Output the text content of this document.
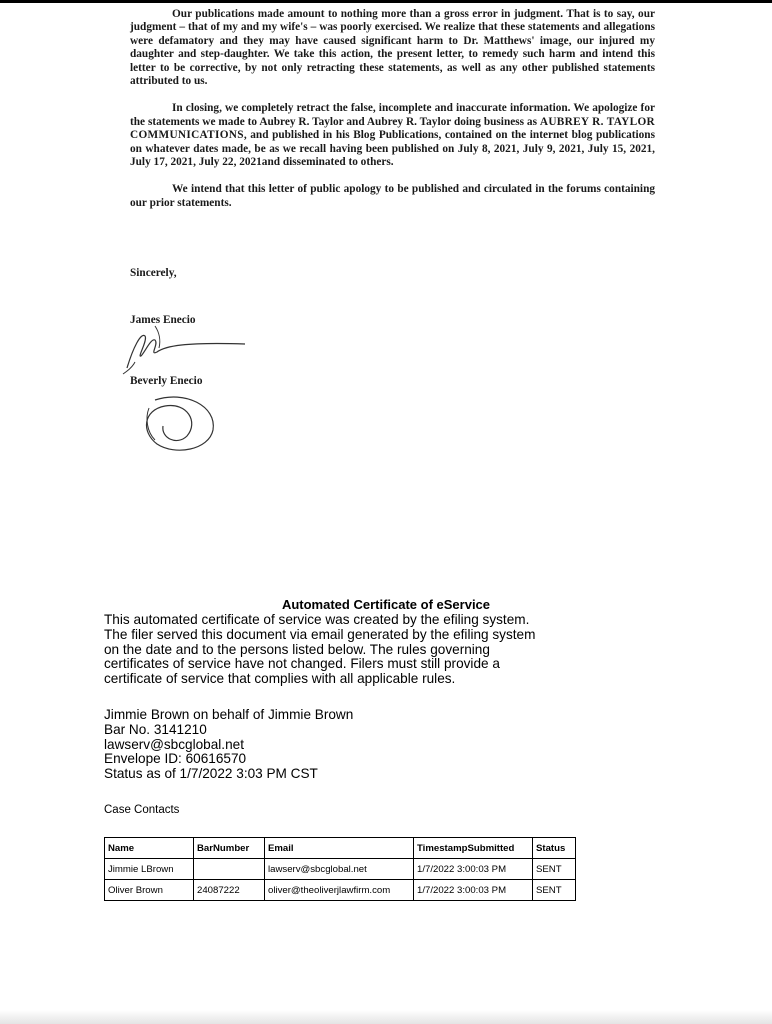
Our publications made amount to nothing more than a gross error in judgment. That is to say, our judgment – that of my and my wife's – was poorly exercised. We realize that these statements and allegations were defamatory and they may have caused significant harm to Dr. Matthews' image, our injured my daughter and step-daughter. We take this action, the present letter, to remedy such harm and intend this letter to be corrective, by not only retracting these statements, as well as any other published statements attributed to us.

In closing, we completely retract the false, incomplete and inaccurate information. We apologize for the statements we made to Aubrey R. Taylor and Aubrey R. Taylor doing business as AUBREY R. TAYLOR COMMUNICATIONS, and published in his Blog Publications, contained on the internet blog publications on whatever dates made, be as we recall having been published on July 8, 2021, July 9, 2021, July 15, 2021, July 17, 2021, July 22, 2021and disseminated to others.

We intend that this letter of public apology to be published and circulated in the forums containing our prior statements.

Sincerely,
James Enecio
Beverly Enecio
Automated Certificate of eService
This automated certificate of service was created by the efiling system.
The filer served this document via email generated by the efiling system
on the date and to the persons listed below. The rules governing
certificates of service have not changed. Filers must still provide a
certificate of service that complies with all applicable rules.
Jimmie Brown on behalf of Jimmie Brown
Bar No. 3141210
lawserv@sbcglobal.net
Envelope ID: 60616570
Status as of 1/7/2022 3:03 PM CST
Case Contacts
Name	BarNumber	Email	TimestampSubmitted	Status
Jimmie LBrown		lawserv@sbcglobal.net	1/7/2022 3:00:03 PM	SENT
Oliver Brown	24087222	oliver@theoliverjlawfirm.com	1/7/2022 3:00:03 PM	SENT
